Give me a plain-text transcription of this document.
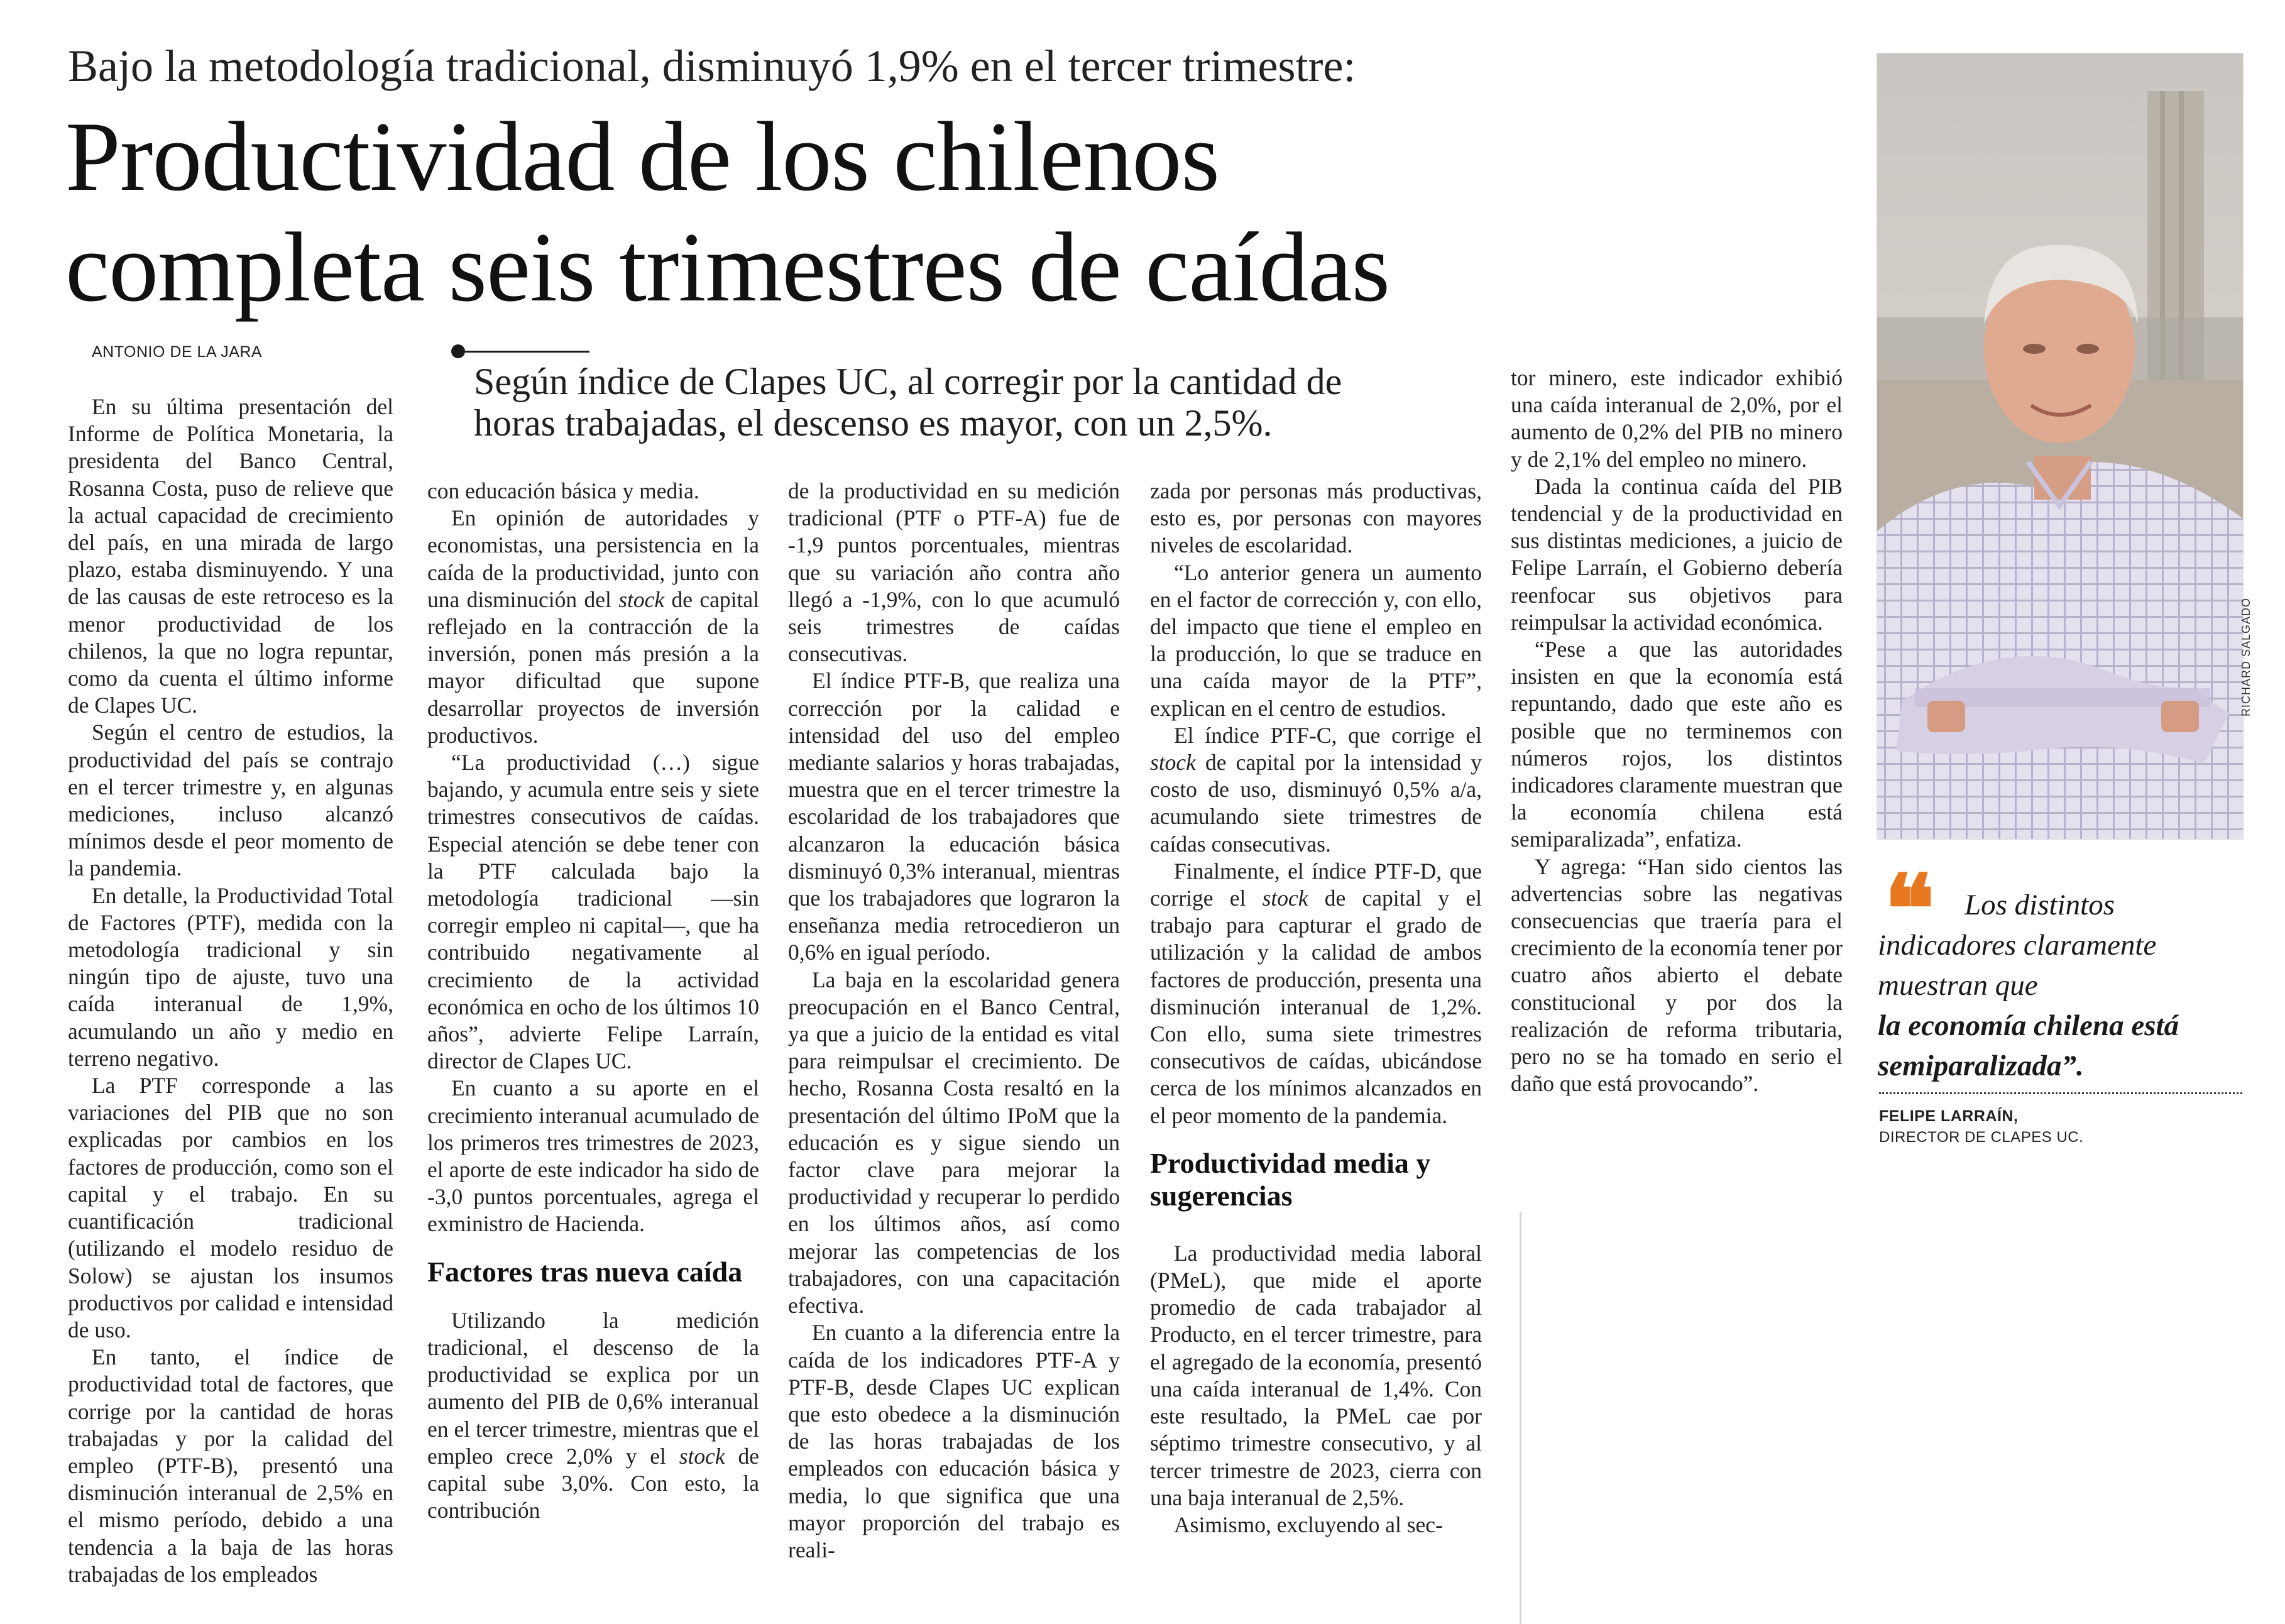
Bajo la metodología tradicional, disminuyó 1,9% en el tercer trimestre:
Productividad de los chilenos
completa seis trimestres de caídas
ANTONIO DE LA JARA
Según índice de Clapes UC, al corregir por la cantidad de
horas trabajadas, el descenso es mayor, con un 2,5%.

En su última presentación del Informe de Política Monetaria, la presidenta del Banco Central, Rosanna Costa, puso de relieve que la actual capacidad de crecimiento del país, en una mirada de largo plazo, estaba disminuyendo. Y una de las causas de este retroceso es la menor productividad de los chilenos, la que no logra repuntar, como da cuenta el último informe de Clapes UC.

Según el centro de estudios, la productividad del país se contrajo en el tercer trimestre y, en algunas mediciones, incluso alcanzó mínimos desde el peor momento de la pandemia.

En detalle, la Productividad Total de Factores (PTF), medida con la metodología tradicional y sin ningún tipo de ajuste, tuvo una caída interanual de 1,9%, acumulando un año y medio en terreno negativo.

La PTF corresponde a las variaciones del PIB que no son explicadas por cambios en los factores de producción, como son el capital y el trabajo. En su cuantificación tradicional (utilizando el modelo residuo de Solow) se ajustan los insumos productivos por calidad e intensidad de uso.

En tanto, el índice de productividad total de factores, que corrige por la cantidad de horas trabajadas y por la calidad del empleo (PTF-B), presentó una disminución interanual de 2,5% en el mismo período, debido a una tendencia a la baja de las horas trabajadas de los empleados

con educación básica y media.

En opinión de autoridades y economistas, una persistencia en la caída de la productividad, junto con una disminución del stock de capital reflejado en la contracción de la inversión, ponen más presión a la mayor dificultad que supone desarrollar proyectos de inversión productivos.

“La productividad (…) sigue bajando, y acumula entre seis y siete trimestres consecutivos de caídas. Especial atención se debe tener con la PTF calculada bajo la metodología tradicional —sin corregir empleo ni capital—, que ha contribuido negativamente al crecimiento de la actividad económica en ocho de los últimos 10 años”, advierte Felipe Larraín, director de Clapes UC.

En cuanto a su aporte en el crecimiento interanual acumulado de los primeros tres trimestres de 2023, el aporte de este indicador ha sido de -3,0 puntos porcentuales, agrega el exministro de Hacienda.

Factores tras nueva caída

Utilizando la medición tradicional, el descenso de la productividad se explica por un aumento del PIB de 0,6% interanual en el tercer trimestre, mientras que el empleo crece 2,0% y el stock de capital sube 3,0%. Con esto, la contribución

de la productividad en su medición tradicional (PTF o PTF-A) fue de -1,9 puntos porcentuales, mientras que su variación año contra año llegó a -1,9%, con lo que acumuló seis trimestres de caídas consecutivas.

El índice PTF-B, que realiza una corrección por la calidad e intensidad del uso del empleo mediante salarios y horas trabajadas, muestra que en el tercer trimestre la escolaridad de los trabajadores que alcanzaron la educación básica disminuyó 0,3% interanual, mientras que los trabajadores que lograron la enseñanza media retrocedieron un 0,6% en igual período.

La baja en la escolaridad genera preocupación en el Banco Central, ya que a juicio de la entidad es vital para reimpulsar el crecimiento. De hecho, Rosanna Costa resaltó en la presentación del último IPoM que la educación es y sigue siendo un factor clave para mejorar la productividad y recuperar lo perdido en los últimos años, así como mejorar las competencias de los trabajadores, con una capacitación efectiva.

En cuanto a la diferencia entre la caída de los indicadores PTF-A y PTF-B, desde Clapes UC explican que esto obedece a la disminución de las horas trabajadas de los empleados con educación básica y media, lo que significa que una mayor proporción del trabajo es reali-

zada por personas más productivas, esto es, por personas con mayores niveles de escolaridad.

“Lo anterior genera un aumento en el factor de corrección y, con ello, del impacto que tiene el empleo en la producción, lo que se traduce en una caída mayor de la PTF”, explican en el centro de estudios.

El índice PTF-C, que corrige el stock de capital por la intensidad y costo de uso, disminuyó 0,5% a/a, acumulando siete trimestres de caídas consecutivas.

Finalmente, el índice PTF-D, que corrige el stock de capital y el trabajo para capturar el grado de utilización y la calidad de ambos factores de producción, presenta una disminución interanual de 1,2%. Con ello, suma siete trimestres consecutivos de caídas, ubicándose cerca de los mínimos alcanzados en el peor momento de la pandemia.

Productividad media y sugerencias

La productividad media laboral (PMeL), que mide el aporte promedio de cada trabajador al Producto, en el tercer trimestre, para el agregado de la economía, presentó una caída interanual de 1,4%. Con este resultado, la PMeL cae por séptimo trimestre consecutivo, y al tercer trimestre de 2023, cierra con una baja interanual de 2,5%.

Asimismo, excluyendo al sec-

tor minero, este indicador exhibió una caída interanual de 2,0%, por el aumento de 0,2% del PIB no minero y de 2,1% del empleo no minero.

Dada la continua caída del PIB tendencial y de la productividad en sus distintas mediciones, a juicio de Felipe Larraín, el Gobierno debería reenfocar sus objetivos para reimpulsar la actividad económica.

“Pese a que las autoridades insisten en que la economía está repuntando, dado que este año es posible que no terminemos con números rojos, los distintos indicadores claramente muestran que la economía chilena está semiparalizada”, enfatiza.

Y agrega: “Han sido cientos las advertencias sobre las negativas consecuencias que traería para el crecimiento de la economía tener por cuatro años abierto el debate constitucional y por dos la realización de reforma tributaria, pero no se ha tomado en serio el daño que está provocando”.

RICHARD SALGADO
❝	Los distintos
indicadores claramente
muestran que
la economía chilena está
semiparalizada”.
FELIPE LARRAÍN,
DIRECTOR DE CLAPES UC.
